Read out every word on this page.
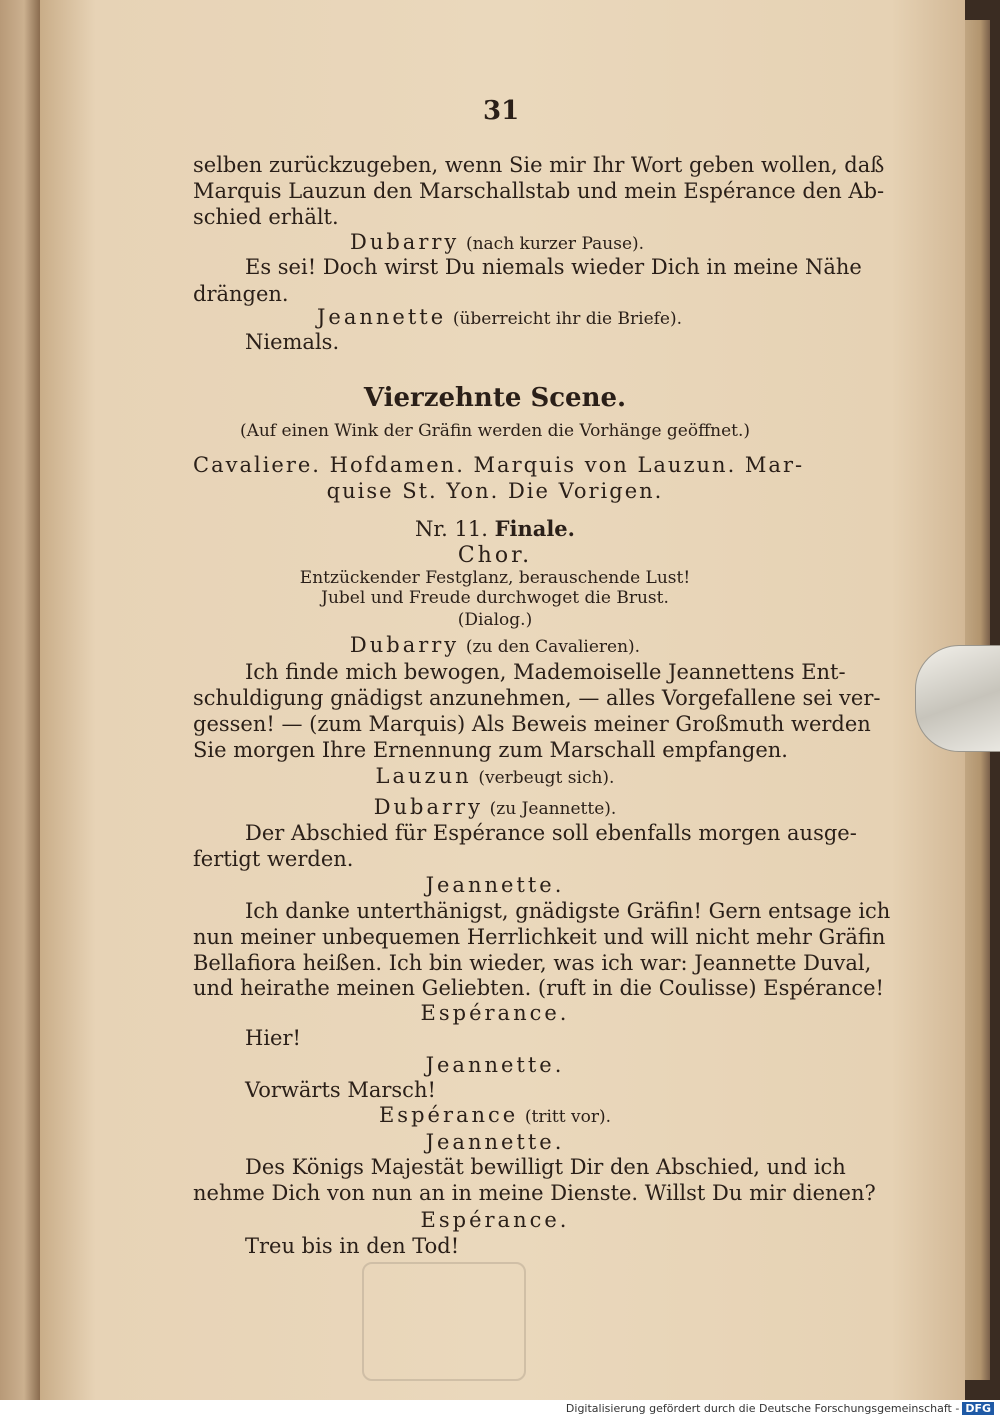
31
selben zurückzugeben, wenn Sie mir Ihr Wort geben wollen, daß
Marquis Lauzun den Marschallstab und mein Espérance den Ab-
schied erhält.
Dubarry (nach kurzer Pause).
Es sei! Doch wirst Du niemals wieder Dich in meine Nähe
drängen.
Jeannette (überreicht ihr die Briefe).
Niemals.
Vierzehnte Scene.
(Auf einen Wink der Gräfin werden die Vorhänge geöffnet.)
Cavaliere. Hofdamen. Marquis von Lauzun. Mar-
quise St. Yon. Die Vorigen.
Nr. 11. Finale.
Chor.
Entzückender Festglanz, berauschende Lust!
Jubel und Freude durchwoget die Brust.
(Dialog.)
Dubarry (zu den Cavalieren).
Ich finde mich bewogen, Mademoiselle Jeannettens Ent-
schuldigung gnädigst anzunehmen, — alles Vorgefallene sei ver-
gessen! — (zum Marquis) Als Beweis meiner Großmuth werden
Sie morgen Ihre Ernennung zum Marschall empfangen.
Lauzun (verbeugt sich).
Dubarry (zu Jeannette).
Der Abschied für Espérance soll ebenfalls morgen ausge-
fertigt werden.
Jeannette.
Ich danke unterthänigst, gnädigste Gräfin! Gern entsage ich
nun meiner unbequemen Herrlichkeit und will nicht mehr Gräfin
Bellafiora heißen. Ich bin wieder, was ich war: Jeannette Duval,
und heirathe meinen Geliebten. (ruft in die Coulisse) Espérance!
Espérance.
Hier!
Jeannette.
Vorwärts Marsch!
Espérance (tritt vor).
Jeannette.
Des Königs Majestät bewilligt Dir den Abschied, und ich
nehme Dich von nun an in meine Dienste. Willst Du mir dienen?
Espérance.
Treu bis in den Tod!
Digitalisierung gefördert durch die Deutsche Forschungsgemeinschaft - DFG
